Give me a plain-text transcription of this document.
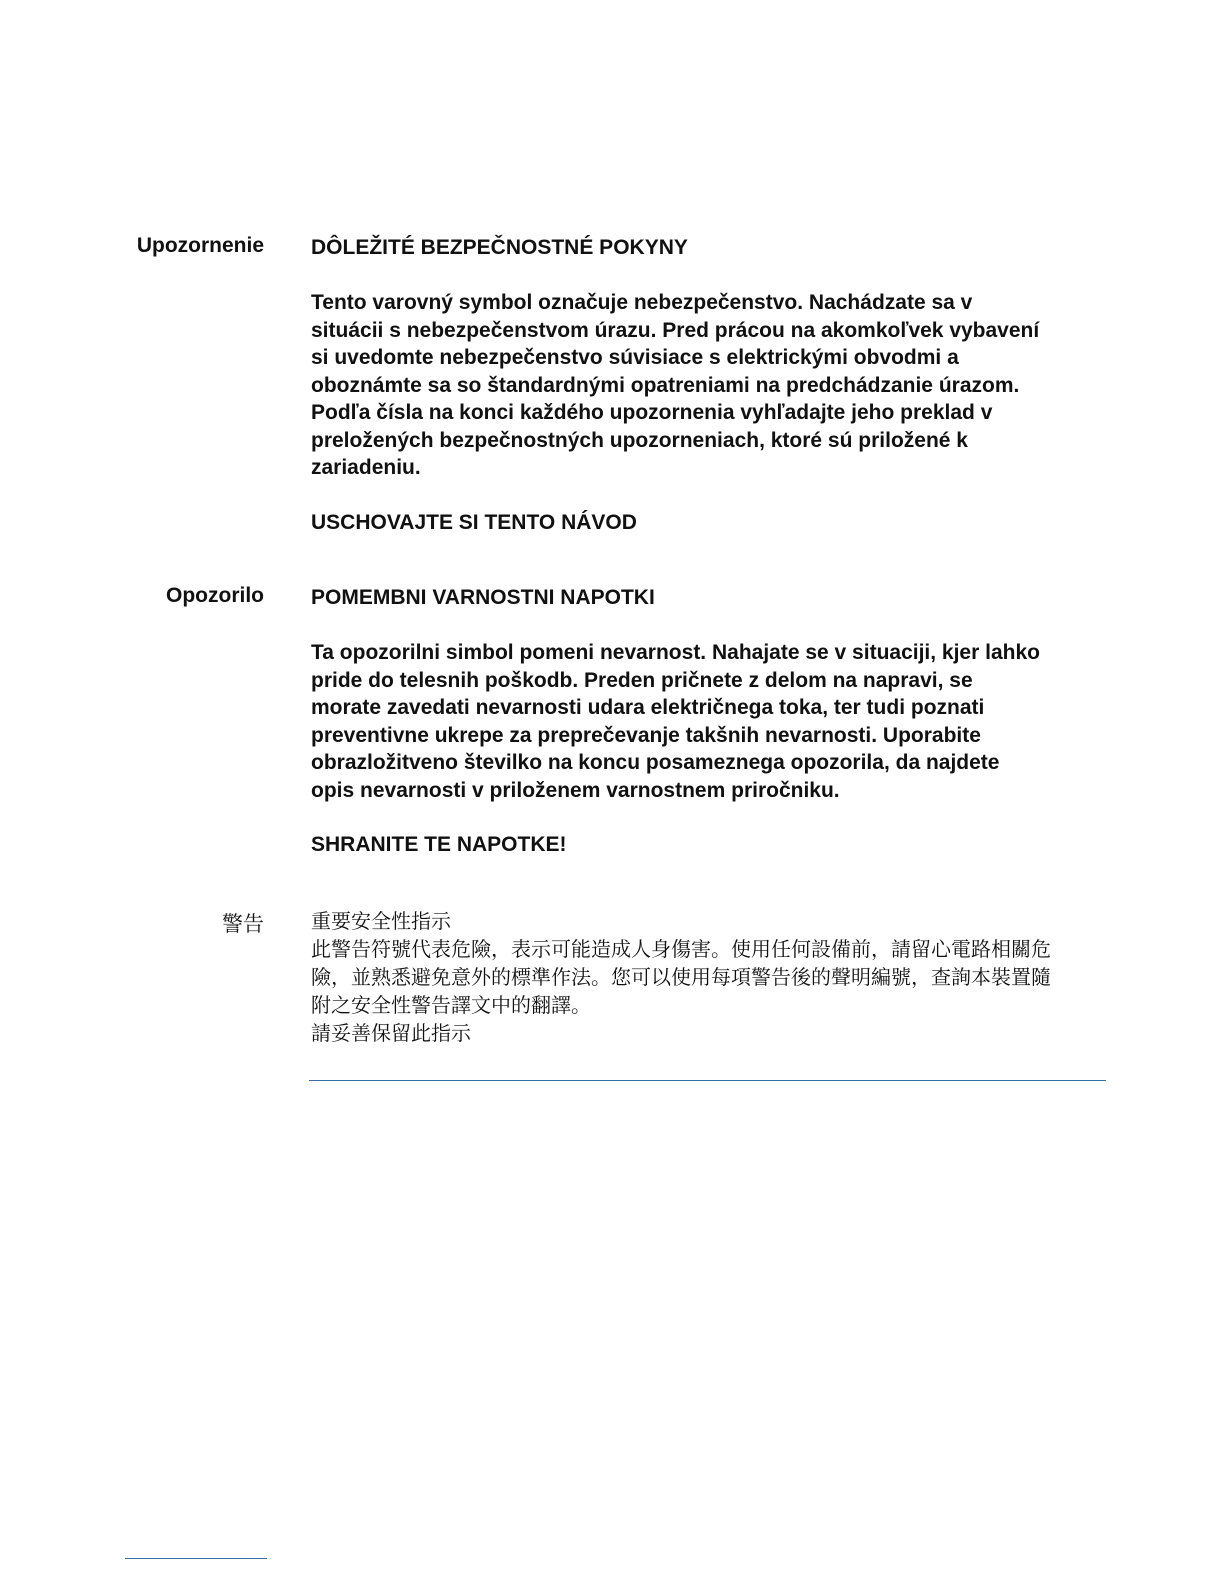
Upozornenie DÔLEŽITÉ BEZPEČNOSTNÉ POKYNY

Tento varovný symbol označuje nebezpečenstvo. Nachádzate sa v
situácii s nebezpečenstvom úrazu. Pred prácou na akomkoľvek vybavení
si uvedomte nebezpečenstvo súvisiace s elektrickými obvodmi a
oboznámte sa so štandardnými opatreniami na predchádzanie úrazom.
Podľa čísla na konci každého upozornenia vyhľadajte jeho preklad v
preložených bezpečnostných upozorneniach, ktoré sú priložené k
zariadeniu.

USCHOVAJTE SI TENTO NÁVOD

Opozorilo POMEMBNI VARNOSTNI NAPOTKI

Ta opozorilni simbol pomeni nevarnost. Nahajate se v situaciji, kjer lahko
pride do telesnih poškodb. Preden pričnete z delom na napravi, se
morate zavedati nevarnosti udara električnega toka, ter tudi poznati
preventivne ukrepe za preprečevanje takšnih nevarnosti. Uporabite
obrazložitveno številko na koncu posameznega opozorila, da najdete
opis nevarnosti v priloženem varnostnem priročniku.

SHRANITE TE NAPOTKE!

警告 重要安全性指示
此警告符號代表危險，表示可能造成人身傷害。使用任何設備前，請留心電路相關危
險，並熟悉避免意外的標準作法。您可以使用每項警告後的聲明編號，查詢本裝置隨
附之安全性警告譯文中的翻譯。
請妥善保留此指示
